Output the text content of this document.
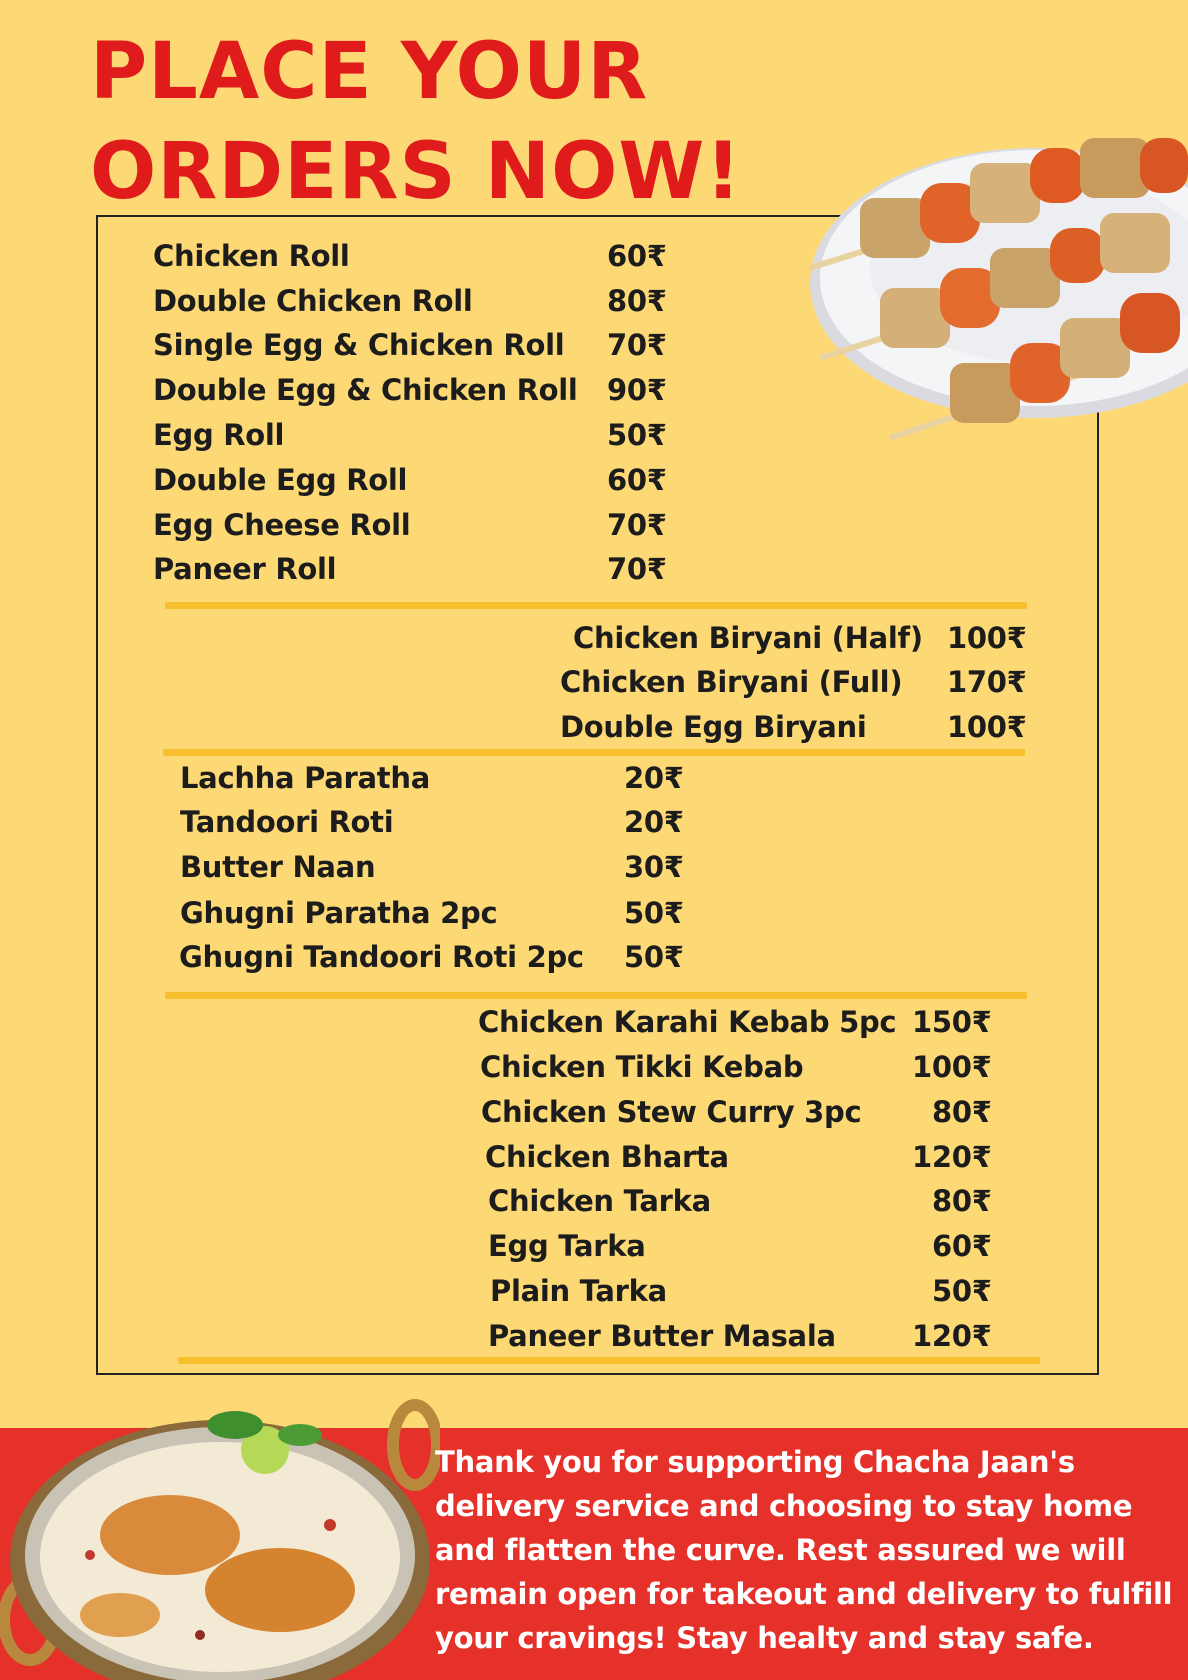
PLACE YOUR
ORDERS NOW!
Chicken Roll	60₹
Double Chicken Roll	80₹
Single Egg & Chicken Roll 70₹
Double Egg & Chicken Roll 90₹
Egg Roll	50₹
Double Egg Roll	60₹
Egg Cheese Roll	70₹
Paneer Roll	70₹
Chicken Biryani (Half) 100₹
Chicken Biryani (Full) 170₹
Double Egg Biryani	100₹
Lachha Paratha	20₹
Tandoori Roti	20₹
Butter Naan	30₹
Ghugni Paratha 2pc	50₹
Ghugni Tandoori Roti 2pc 50₹
Chicken Karahi Kebab 5pc 150₹
Chicken Tikki Kebab	100₹
Chicken Stew Curry 3pc 80₹
Chicken Bharta	120₹
Chicken Tarka	80₹
Egg Tarka	60₹
Plain Tarka	50₹
Paneer Butter Masala	120₹

Thank you for supporting Chacha Jaan's delivery service and choosing to stay home and flatten the curve. Rest assured we will remain open for takeout and delivery to fulfill your cravings! Stay healty and stay safe.
